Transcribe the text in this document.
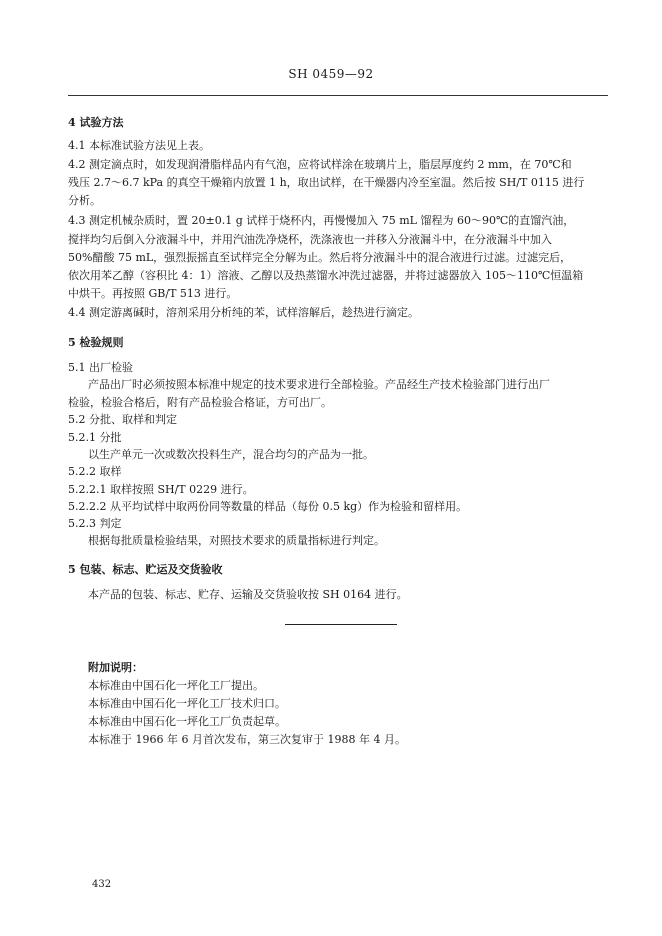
SH 0459—92
4 试验方法
4.1 本标准试验方法见上表。
4.2 测定滴点时，如发现润滑脂样品内有气泡，应将试样涂在玻璃片上，脂层厚度约 2 mm，在 70℃和
残压 2.7～6.7 kPa 的真空干燥箱内放置 1 h，取出试样，在干燥器内冷至室温。然后按 SH/T 0115 进行
分析。
4.3 测定机械杂质时，置 20±0.1 g 试样于烧杯内，再慢慢加入 75 mL 馏程为 60～90℃的直馏汽油，
搅拌均匀后倒入分液漏斗中，并用汽油洗净烧杯，洗涤液也一并移入分液漏斗中，在分液漏斗中加入
50%醋酸 75 mL，强烈振摇直至试样完全分解为止。然后将分液漏斗中的混合液进行过滤。过滤完后，
依次用苯乙醇（容积比 4：1）溶液、乙醇以及热蒸馏水冲洗过滤器，并将过滤器放入 105～110℃恒温箱
中烘干。再按照 GB/T 513 进行。
4.4 测定游离碱时，溶剂采用分析纯的苯，试样溶解后，趁热进行滴定。
5 检验规则
5.1 出厂检验
产品出厂时必须按照本标准中规定的技术要求进行全部检验。产品经生产技术检验部门进行出厂
检验，检验合格后，附有产品检验合格证，方可出厂。
5.2 分批、取样和判定
5.2.1 分批
以生产单元一次或数次投料生产，混合均匀的产品为一批。
5.2.2 取样
5.2.2.1 取样按照 SH/T 0229 进行。
5.2.2.2 从平均试样中取两份同等数量的样品（每份 0.5 kg）作为检验和留样用。
5.2.3 判定
根据每批质量检验结果，对照技术要求的质量指标进行判定。
5 包装、标志、贮运及交货验收
本产品的包装、标志、贮存、运输及交货验收按 SH 0164 进行。
附加说明：
本标准由中国石化一坪化工厂提出。
本标准由中国石化一坪化工厂技术归口。
本标准由中国石化一坪化工厂负责起草。
本标准于 1966 年 6 月首次发布，第三次复审于 1988 年 4 月。
432
